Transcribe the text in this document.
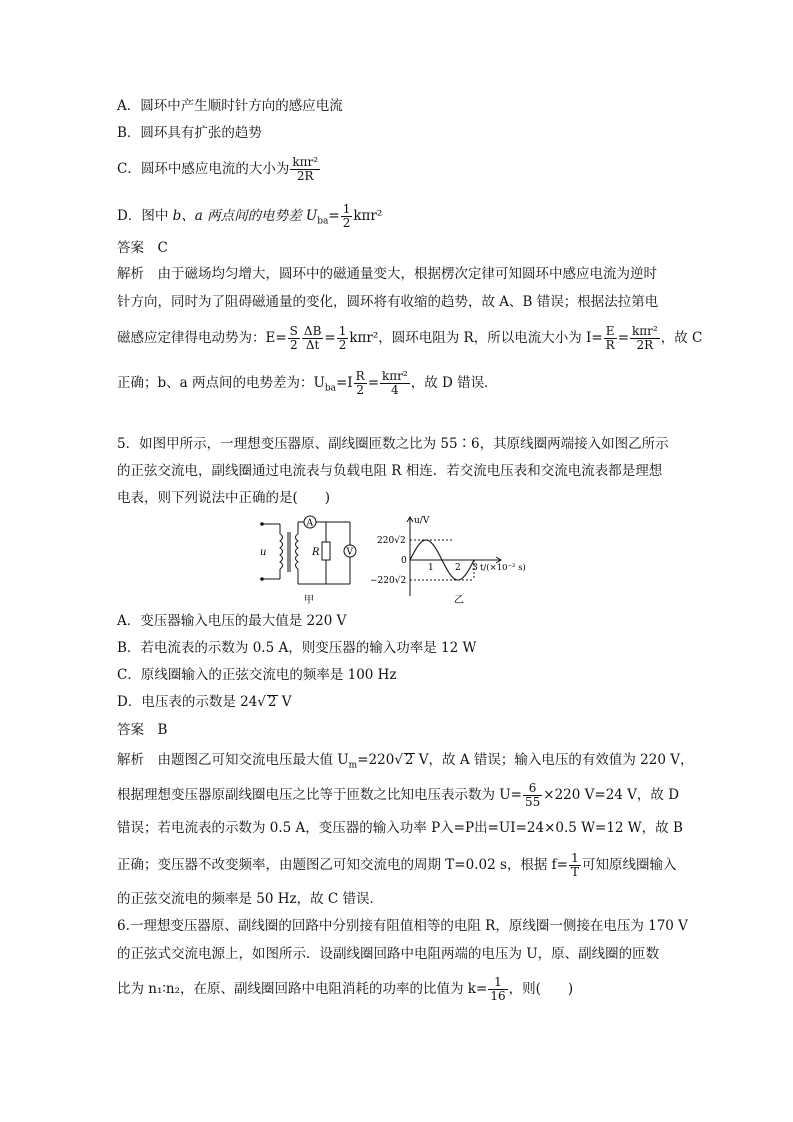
A．圆环中产生顺时针方向的感应电流
B．圆环具有扩张的趋势
C．圆环中感应电流的大小为 $\frac{\text{kπr²}}{2R}$
D．图中 b、a 两点间的电势差 $U_{ba}= \frac{1}{2} k\pi r^2$
答案　C
解析　由于磁场均匀增大，圆环中的磁通量变大，根据楞次定律可知圆环中感应电流为逆时
针方向，同时为了阻碍磁通量的变化，圆环将有收缩的趋势，故 A、B 错误；根据法拉第电
磁感应定律得电动势为：$E= \frac{S}{2} \frac{\Delta B}{\Delta t} = \frac{1}{2} k\pi r^2$，圆环电阻为 R，所以电流大小为 $I= \frac{E}{R} = \frac{\text{kπr²}}{2R}$ ，故 C
正确；b、a 两点间的电势差为：$U_{ba}=I \frac{R}{2} = \frac{\text{kπr²}}{4}$ ，故 D 错误．
5．如图甲所示，一理想变压器原、副线圈匝数之比为 55∶6，其原线圈两端接入如图乙所示
的正弦交流电，副线圈通过电流表与负载电阻 R 相连．若交流电压表和交流电流表都是理想
电表，则下列说法中正确的是(　　)
u
A
R	V
甲
u/V
220√2
0
−220√2
1 2 3 t/(×10⁻² s)
乙
A．变压器输入电压的最大值是 220 V
B．若电流表的示数为 0.5 A，则变压器的输入功率是 12 W
C．原线圈输入的正弦交流电的频率是 100 Hz
D．电压表的示数是 24√ 2 V
答案　B
解析　由题图乙可知交流电压最大值 $U_m=220√$ 2 V，故 A 错误；输入电压的有效值为 220 V，
根据理想变压器原副线圈电压之比等于匝数之比知电压表示数为 $U= \frac{6}{55} \times 220$ V=24 V，故 D
错误；若电流表的示数为 0.5 A，变压器的输入功率 P入=P出=UI=24×0.5 W=12 W，故 B
正确；变压器不改变频率，由题图乙可知交流电的周期 T=0.02 s，根据 $f= \frac{1}{T}$ 可知原线圈输入
的正弦交流电的频率是 50 Hz，故 C 错误．
6.一理想变压器原、副线圈的回路中分别接有阻值相等的电阻 R，原线圈一侧接在电压为 170 V
的正弦式交流电源上，如图所示．设副线圈回路中电阻两端的电压为 U，原、副线圈的匝数
比为 n₁∶n₂，在原、副线圈回路中电阻消耗的功率的比值为 $k= \frac{1}{16}$ ，则(　　)
